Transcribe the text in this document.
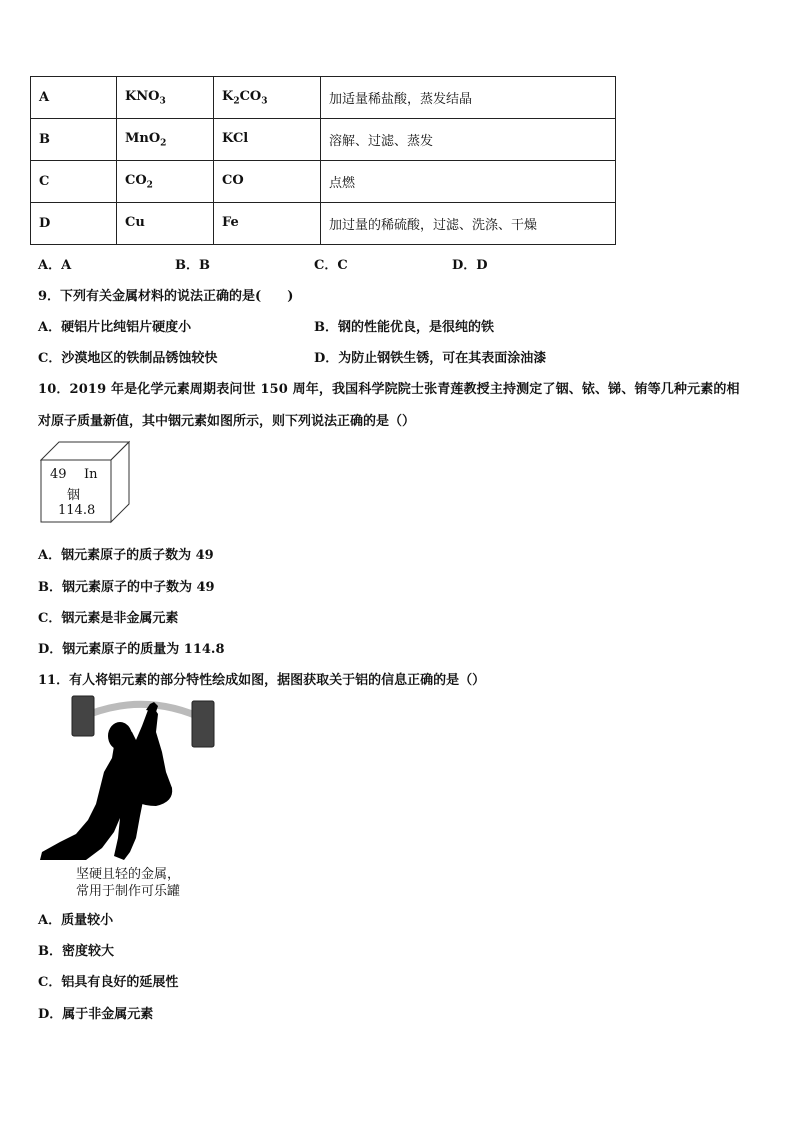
A	$KNO_3$	$K_2CO_3$	加适量稀盐酸，蒸发结晶
B	MnO$_2$	KCl	溶解、过滤、蒸发
C	$CO_2$	CO	点燃
D	Cu	Fe	加过量的稀硫酸，过滤、洗涤、干燥
A．A	B．B	C．C	D．D
9．下列有关金属材料的说法正确的是(　　)
A．硬铝片比纯铝片硬度小	B．钢的性能优良，是很纯的铁
C．沙漠地区的铁制品锈蚀较快	D．为防止钢铁生锈，可在其表面涂油漆
10．2019 年是化学元素周期表问世 150 周年，我国科学院院士张青莲教授主持测定了铟、铱、锑、铕等几种元素的相
对原子质量新值，其中铟元素如图所示，则下列说法正确的是（）
49 In
铟
114.8
A．铟元素原子的质子数为 49
B．铟元素原子的中子数为 49
C．铟元素是非金属元素
D．铟元素原子的质量为 114.8
11．有人将铝元素的部分特性绘成如图，据图获取关于铝的信息正确的是（）
坚硬且轻的金属，
常用于制作可乐罐
A．质量较小
B．密度较大
C．铝具有良好的延展性
D．属于非金属元素
